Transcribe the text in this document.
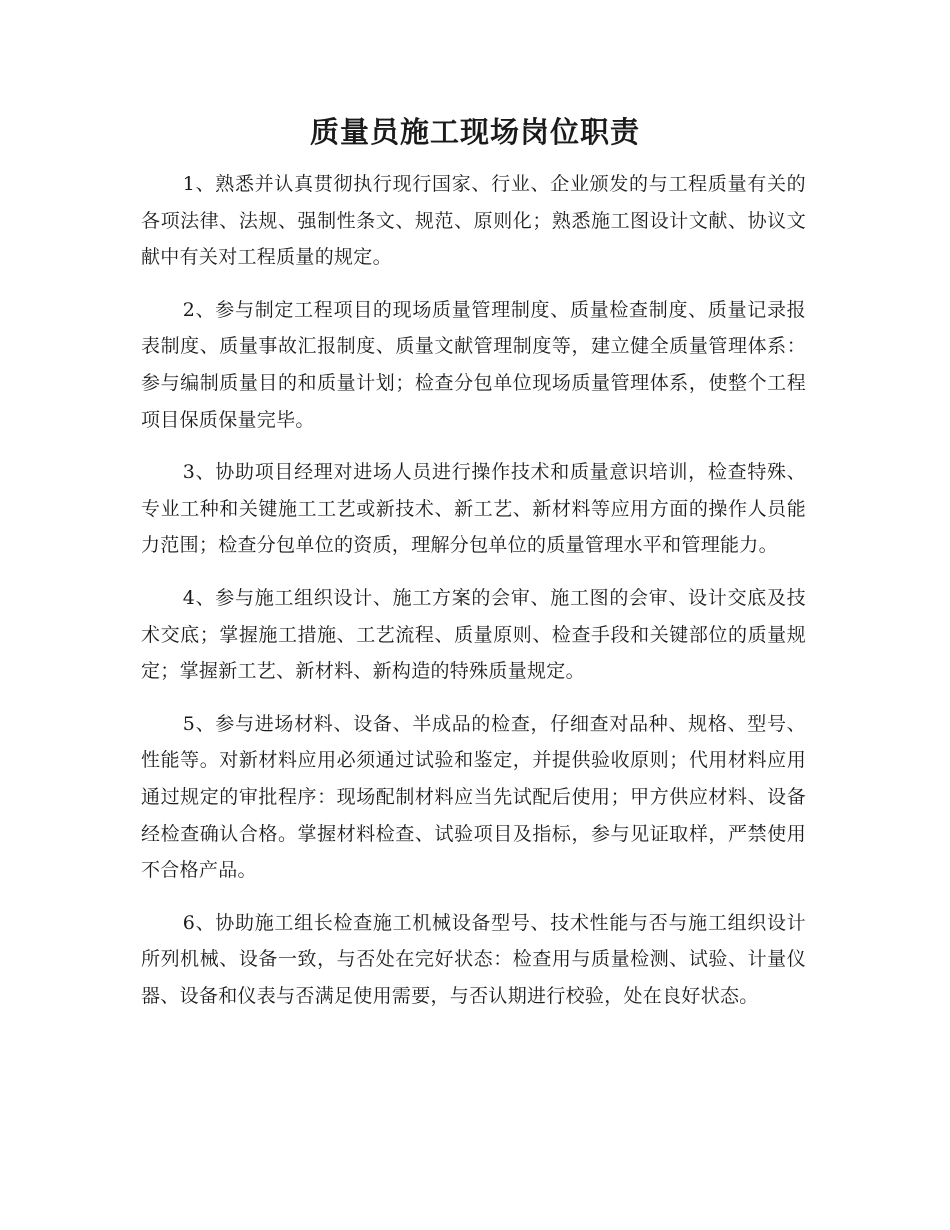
质量员施工现场岗位职责

1、熟悉并认真贯彻执行现行国家、行业、企业颁发的与工程质量有关的各项法律、法规、强制性条文、规范、原则化；熟悉施工图设计文献、协议文献中有关对工程质量的规定。

2、参与制定工程项目的现场质量管理制度、质量检查制度、质量记录报表制度、质量事故汇报制度、质量文献管理制度等，建立健全质量管理体系：参与编制质量目的和质量计划；检查分包单位现场质量管理体系，使整个工程项目保质保量完毕。

3、协助项目经理对进场人员进行操作技术和质量意识培训，检查特殊、专业工种和关键施工工艺或新技术、新工艺、新材料等应用方面的操作人员能力范围；检查分包单位的资质，理解分包单位的质量管理水平和管理能力。

4、参与施工组织设计、施工方案的会审、施工图的会审、设计交底及技术交底；掌握施工措施、工艺流程、质量原则、检查手段和关键部位的质量规定；掌握新工艺、新材料、新构造的特殊质量规定。

5、参与进场材料、设备、半成品的检查，仔细查对品种、规格、型号、性能等。对新材料应用必须通过试验和鉴定，并提供验收原则；代用材料应用通过规定的审批程序：现场配制材料应当先试配后使用；甲方供应材料、设备经检查确认合格。掌握材料检查、试验项目及指标，参与见证取样，严禁使用不合格产品。

6、协助施工组长检查施工机械设备型号、技术性能与否与施工组织设计所列机械、设备一致，与否处在完好状态：检查用与质量检测、试验、计量仪器、设备和仪表与否满足使用需要，与否认期进行校验，处在良好状态。
